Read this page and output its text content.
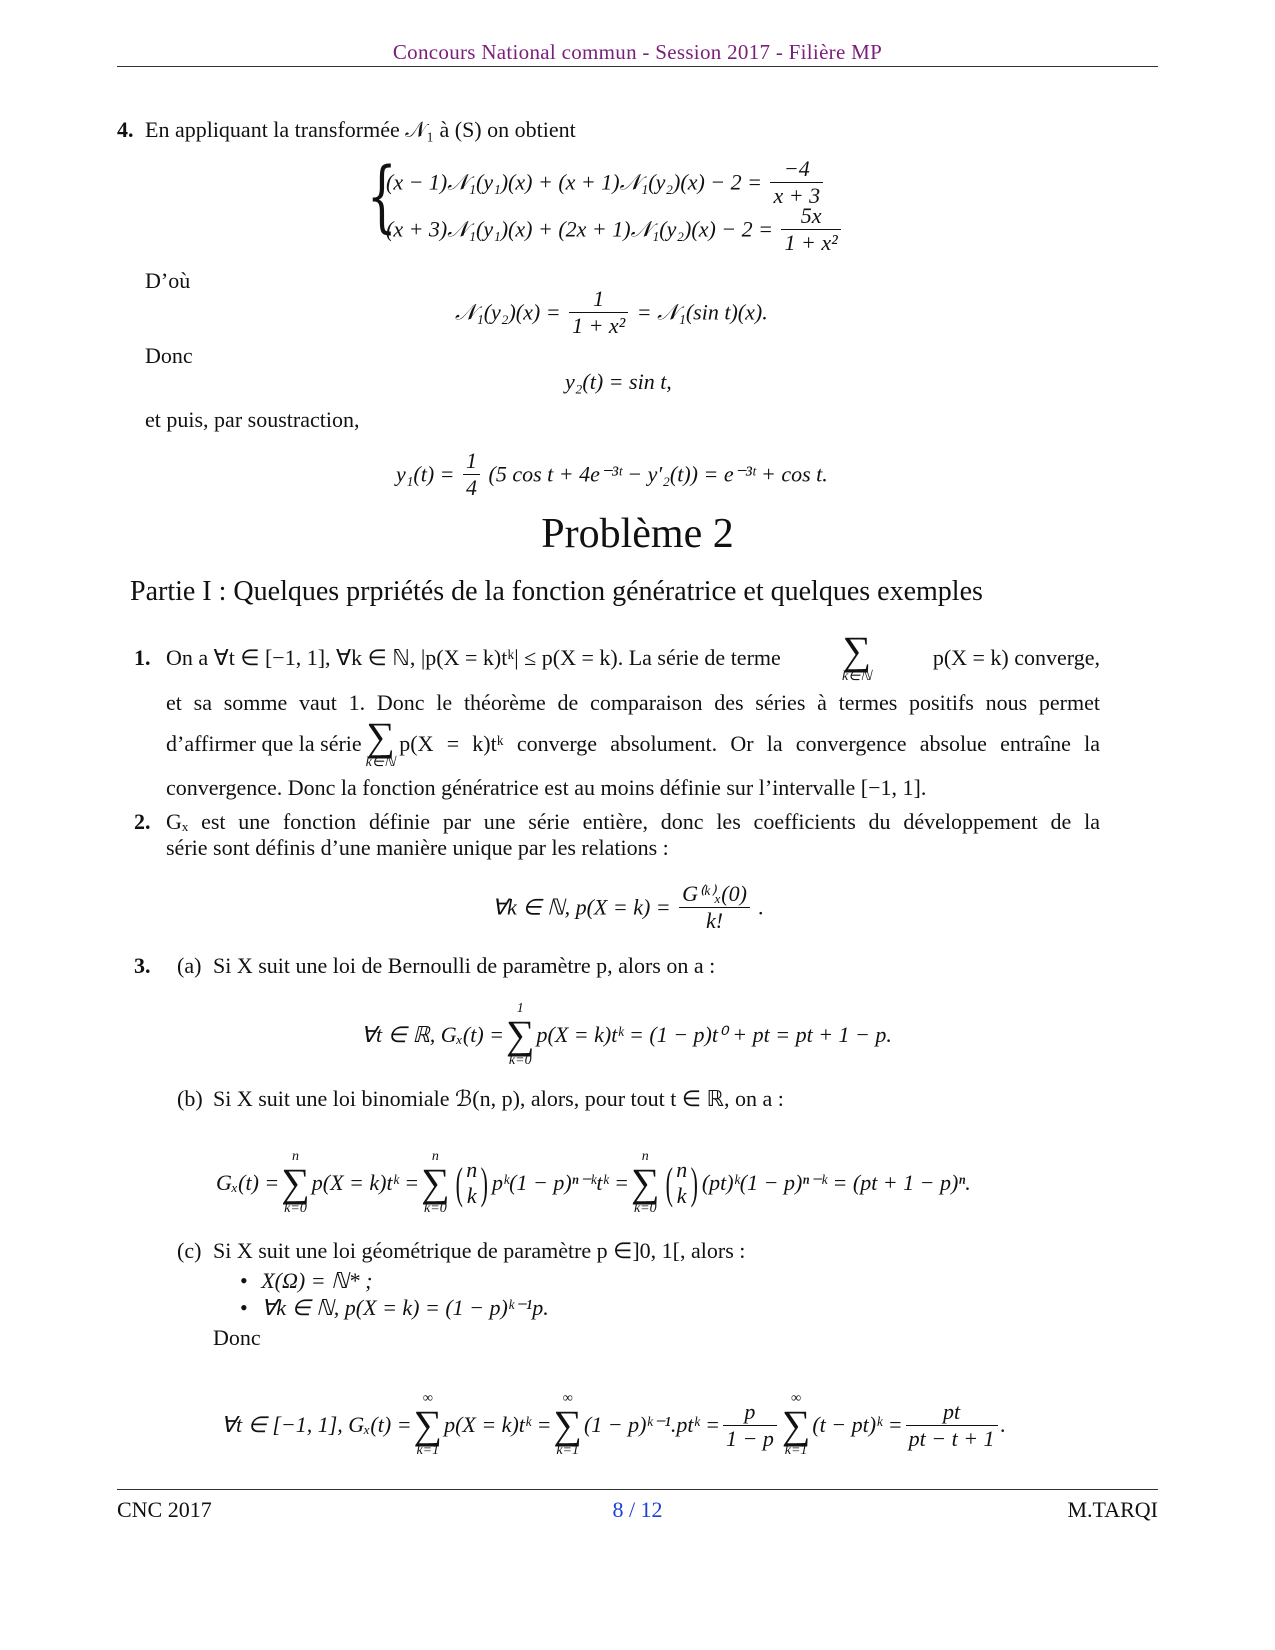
Concours National commun - Session 2017 - Filière MP
4. En appliquant la transformée 𝒩₁ à (S) on obtient
{
(x − 1)𝒩₁(y₁)(x) + (x + 1)𝒩₁(y₂)(x) − $2 = \frac{-4}{x + 3}$
(x + 3)𝒩₁(y₁)(x) + (2x + 1)𝒩₁(y₂)(x) − $2 = \frac{5x}{\text{1 + x²}}$
D’où
𝒩₁(y₂)(x) = $\frac{1}{\text{1 + x²}}$ = 𝒩₁(sin t)(x).
Donc
y₂(t) = sin t,
et puis, par soustraction,
$y_1(t) = \frac{1}{4} (5$ cos t + 4e⁻³ᵗ − y′₂(t)) = e⁻³ᵗ + cos t.
Problème 2
Partie I : Quelques prpriétés de la fonction génératrice et quelques exemples
1. On a ∀t ∈ [−1, 1], ∀k ∈ ℕ, |p(X = k)tᵏ| ≤ p(X = k). La série de terme ∑
k∈ℕ
p(X = k) converge,
et sa somme vaut 1. Donc le théorème de comparaison des séries à termes positifs nous permet
d’affirmer que la série ∑
k∈ℕ
p(X = k)tᵏ converge absolument. Or la convergence absolue entraîne la
convergence. Donc la fonction génératrice est au moins définie sur l’intervalle [−1, 1].
2. Gₓ est une fonction définie par une série entière, donc les coefficients du développement de la
série sont définis d’une manière unique par les relations :
∀k ∈ ℕ, $p(X = k) = \frac{\text{G⁽ᵏ⁾ₓ(0)}}{k!}$ .
3. (a) Si X suit une loi de Bernoulli de paramètre p, alors on a :
∀t ∈ ℝ, Gₓ(t) =
1
∑
k=0
p(X = k)tᵏ = (1 − p)t⁰ + pt = pt + 1 − p.
(b) Si X suit une loi binomiale ℬ(n, p), alors, pour tout t ∈ ℝ, on a :
Gₓ(t) =
n
∑
k=0
p(X = k)tᵏ =
n
∑
k=0
( n
k ) pᵏ(1 − p)ⁿ⁻ᵏtᵏ =
n
∑
k=0
( n
k ) (pt)ᵏ(1 − p)ⁿ⁻ᵏ = (pt + 1 − p)ⁿ.
(c) Si X suit une loi géométrique de paramètre p ∈]0, 1[, alors :
• X(Ω) = ℕ* ;
• ∀k ∈ ℕ, p(X = k) = (1 − p)ᵏ⁻¹p.
Donc
∀t ∈ [−1, 1], Gₓ(t) =
∞
∑
k=1
p(X = k)tᵏ =
∞
∑
k=1
(1 − p)ᵏ⁻¹.ptᵏ = $\frac{p}{1 - p}$	∞
∑
k=1
(t − pt)ᵏ = $\frac{pt}{pt - t + 1}$ .
CNC 2017	8 / 12	M.TARQI
